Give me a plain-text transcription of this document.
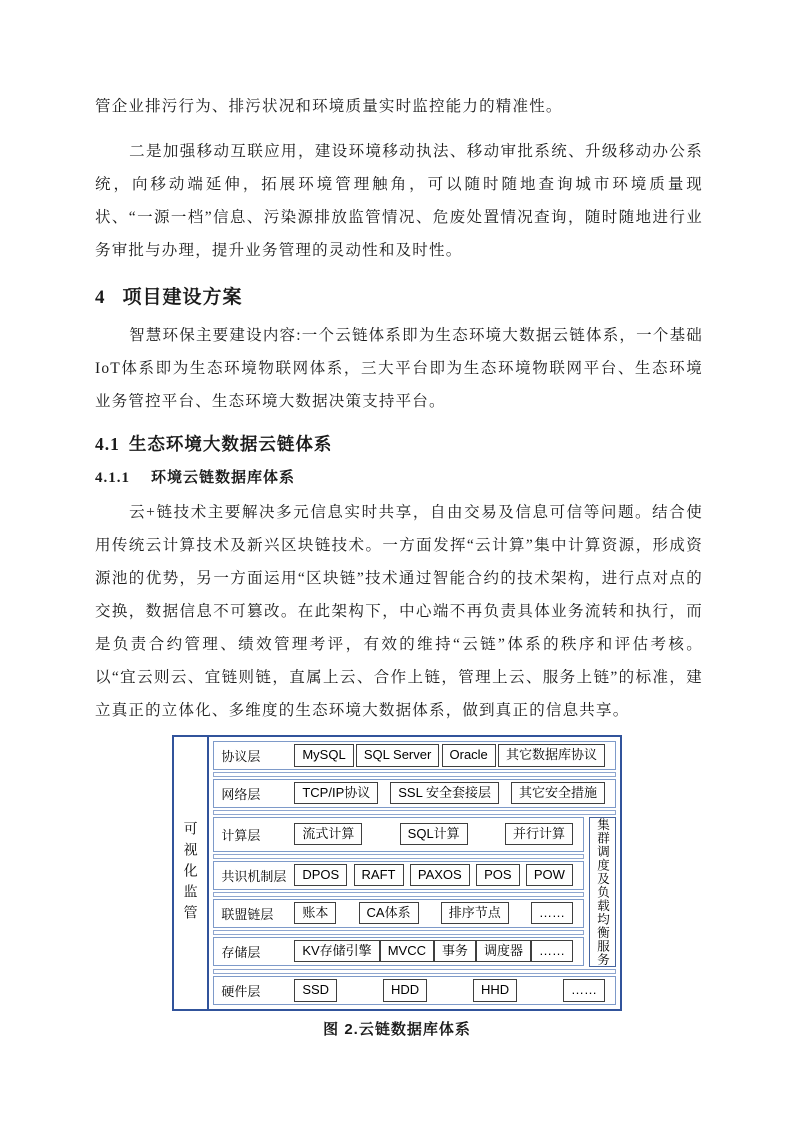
管企业排污行为、排污状况和环境质量实时监控能力的精准性。

二是加强移动互联应用，建设环境移动执法、移动审批系统、升级移动办公系统，向移动端延伸，拓展环境管理触角，可以随时随地查询城市环境质量现状、“一源一档”信息、污染源排放监管情况、危废处置情况查询，随时随地进行业务审批与办理，提升业务管理的灵动性和及时性。

4 项目建设方案

智慧环保主要建设内容:一个云链体系即为生态环境大数据云链体系，一个基础IoT体系即为生态环境物联网体系，三大平台即为生态环境物联网平台、生态环境业务管控平台、生态环境大数据决策支持平台。

4.1 生态环境大数据云链体系
4.1.1 环境云链数据库体系

云+链技术主要解决多元信息实时共享，自由交易及信息可信等问题。结合使用传统云计算技术及新兴区块链技术。一方面发挥“云计算”集中计算资源，形成资源池的优势，另一方面运用“区块链”技术通过智能合约的技术架构，进行点对点的交换，数据信息不可篡改。在此架构下，中心端不再负责具体业务流转和执行，而是负责合约管理、绩效管理考评，有效的维持“云链”体系的秩序和评估考核。以“宜云则云、宜链则链，直属上云、合作上链，管理上云、服务上链”的标准，建立真正的立体化、多维度的生态环境大数据体系，做到真正的信息共享。

可视化监管
协议层	MySQL	SQL Server	Oracle	其它数据库协议
网络层	TCP/IP协议	SSL 安全套接层	其它安全措施
计算层	流式计算	SQL计算	并行计算
共识机制层	DPOS	RAFT	PAXOS	POS	POW
联盟链层	账本	CA体系	排序节点	……
存储层	KV存储引擎	MVCC	事务	调度器	……	集群调度及负载均衡服务
硬件层	SSD	HDD	HHD	……
图 2.云链数据库体系
